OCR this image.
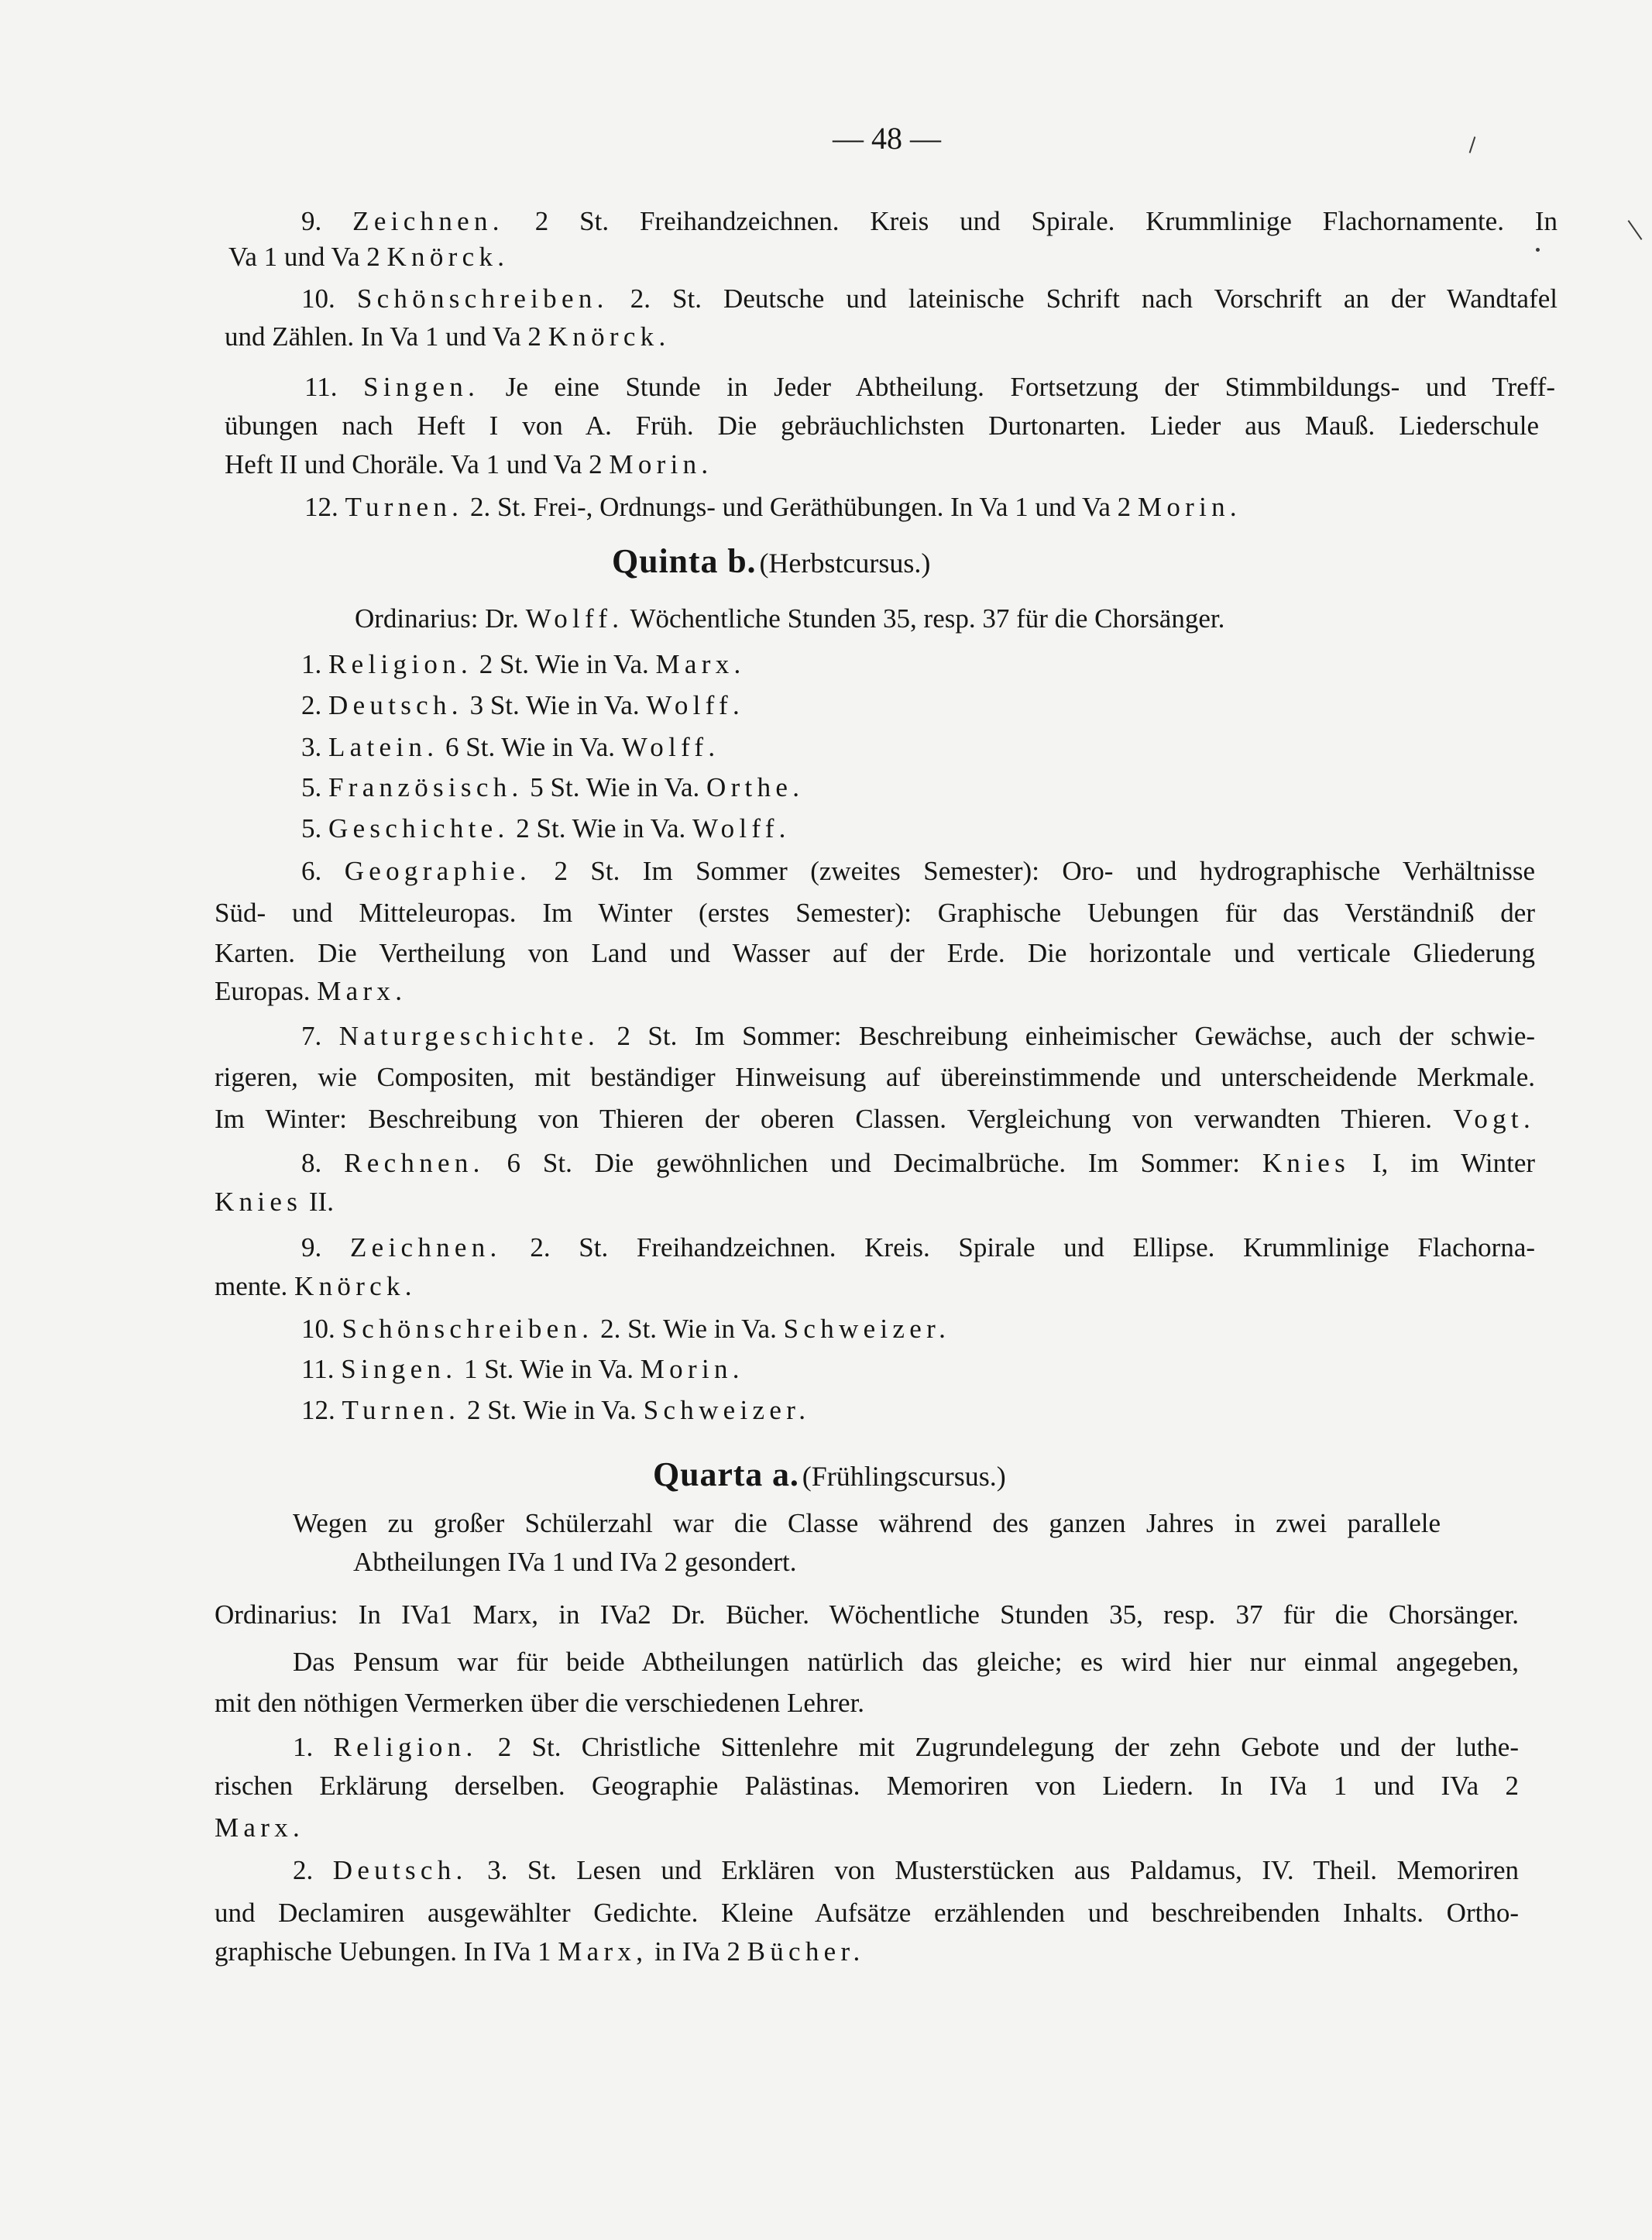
— 48 —
9. Zeichnen. 2 St. Freihandzeichnen. Kreis und Spirale. Krummlinige Flachornamente. In
Va 1 und Va 2 Knörck.
10. Schönschreiben. 2. St. Deutsche und lateinische Schrift nach Vorschrift an der Wandtafel
und Zählen. In Va 1 und Va 2 Knörck.
11. Singen. Je eine Stunde in Jeder Abtheilung. Fortsetzung der Stimmbildungs- und Treff-
übungen nach Heft I von A. Früh. Die gebräuchlichsten Durtonarten. Lieder aus Mauß. Liederschule
Heft II und Choräle. Va 1 und Va 2 Morin.
12. Turnen. 2. St. Frei-, Ordnungs- und Geräthübungen. In Va 1 und Va 2 Morin.
Quinta b. (Herbstcursus.)
Ordinarius: Dr. Wolff. Wöchentliche Stunden 35, resp. 37 für die Chorsänger.
1. Religion. 2 St. Wie in Va. Marx.
2. Deutsch. 3 St. Wie in Va. Wolff.
3. Latein. 6 St. Wie in Va. Wolff.
5. Französisch. 5 St. Wie in Va. Orthe.
5. Geschichte. 2 St. Wie in Va. Wolff.
6. Geographie. 2 St. Im Sommer (zweites Semester): Oro- und hydrographische Verhältnisse
Süd- und Mitteleuropas. Im Winter (erstes Semester): Graphische Uebungen für das Verständniß der
Karten. Die Vertheilung von Land und Wasser auf der Erde. Die horizontale und verticale Gliederung
Europas. Marx.
7. Naturgeschichte. 2 St. Im Sommer: Beschreibung einheimischer Gewächse, auch der schwie-
rigeren, wie Compositen, mit beständiger Hinweisung auf übereinstimmende und unterscheidende Merkmale.
Im Winter: Beschreibung von Thieren der oberen Classen. Vergleichung von verwandten Thieren. Vogt.
8. Rechnen. 6 St. Die gewöhnlichen und Decimalbrüche. Im Sommer: Knies I, im Winter
Knies II.
9. Zeichnen. 2. St. Freihandzeichnen. Kreis. Spirale und Ellipse. Krummlinige Flachorna-
mente. Knörck.
10. Schönschreiben. 2. St. Wie in Va. Schweizer.
11. Singen. 1 St. Wie in Va. Morin.
12. Turnen. 2 St. Wie in Va. Schweizer.
Quarta a. (Frühlingscursus.)
Wegen zu großer Schülerzahl war die Classe während des ganzen Jahres in zwei parallele
Abtheilungen IVa 1 und IVa 2 gesondert.
Ordinarius: In IVa1 Marx, in IVa2 Dr. Bücher. Wöchentliche Stunden 35, resp. 37 für die Chorsänger.
Das Pensum war für beide Abtheilungen natürlich das gleiche; es wird hier nur einmal angegeben,
mit den nöthigen Vermerken über die verschiedenen Lehrer.
1. Religion. 2 St. Christliche Sittenlehre mit Zugrundelegung der zehn Gebote und der luthe-
rischen Erklärung derselben. Geographie Palästinas. Memoriren von Liedern. In IVa 1 und IVa 2
Marx.
2. Deutsch. 3. St. Lesen und Erklären von Musterstücken aus Paldamus, IV. Theil. Memoriren
und Declamiren ausgewählter Gedichte. Kleine Aufsätze erzählenden und beschreibenden Inhalts. Ortho-
graphische Uebungen. In IVa 1 Marx, in IVa 2 Bücher.
